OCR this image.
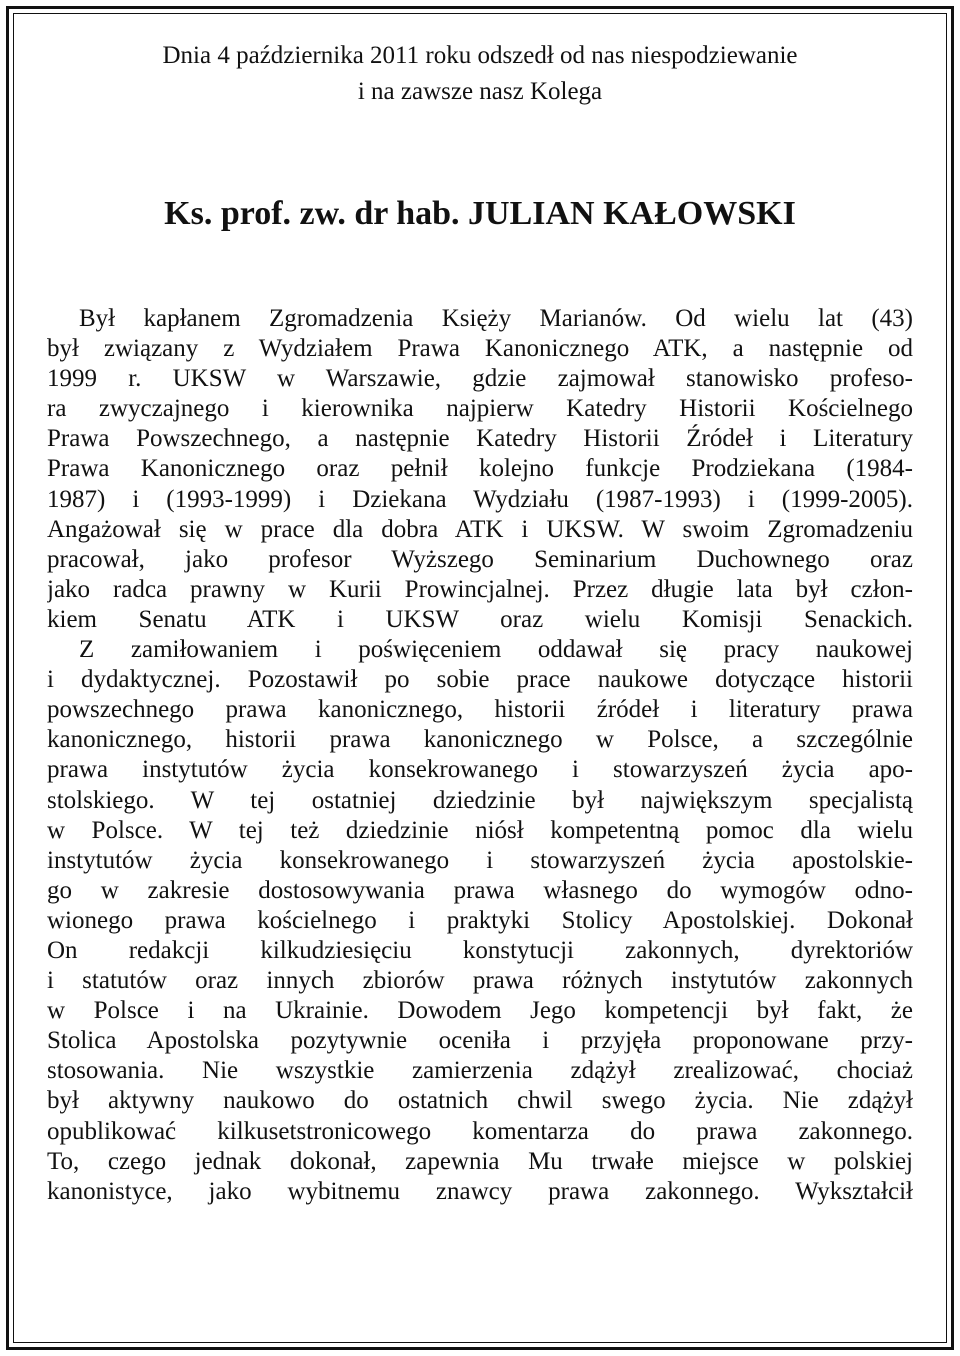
Dnia 4 października 2011 roku odszedł od nas niespodziewanie
i na zawsze nasz Kolega

Ks. prof. zw. dr hab. JULIAN KAŁOWSKI
Był kapłanem Zgromadzenia Księży Marianów. Od wielu lat (43)
był związany z Wydziałem Prawa Kanonicznego ATK, a następnie od
1999 r. UKSW w Warszawie, gdzie zajmował stanowisko profeso-
ra zwyczajnego i kierownika najpierw Katedry Historii Kościelnego
Prawa Powszechnego, a następnie Katedry Historii Źródeł i Literatury
Prawa Kanonicznego oraz pełnił kolejno funkcje Prodziekana (1984-
1987) i (1993-1999) i Dziekana Wydziału (1987-1993) i (1999-2005).
Angażował się w prace dla dobra ATK i UKSW. W swoim Zgromadzeniu
pracował, jako profesor Wyższego Seminarium Duchownego oraz
jako radca prawny w Kurii Prowincjalnej. Przez długie lata był człon-
kiem Senatu ATK i UKSW oraz wielu Komisji Senackich.
Z zamiłowaniem i poświęceniem oddawał się pracy naukowej
i dydaktycznej. Pozostawił po sobie prace naukowe dotyczące historii
powszechnego prawa kanonicznego, historii źródeł i literatury prawa
kanonicznego, historii prawa kanonicznego w Polsce, a szczególnie
prawa instytutów życia konsekrowanego i stowarzyszeń życia apo-
stolskiego. W tej ostatniej dziedzinie był największym specjalistą
w Polsce. W tej też dziedzinie niósł kompetentną pomoc dla wielu
instytutów życia konsekrowanego i stowarzyszeń życia apostolskie-
go w zakresie dostosowywania prawa własnego do wymogów odno-
wionego prawa kościelnego i praktyki Stolicy Apostolskiej. Dokonał
On redakcji kilkudziesięciu konstytucji zakonnych, dyrektoriów
i statutów oraz innych zbiorów prawa różnych instytutów zakonnych
w Polsce i na Ukrainie. Dowodem Jego kompetencji był fakt, że
Stolica Apostolska pozytywnie oceniła i przyjęła proponowane przy-
stosowania. Nie wszystkie zamierzenia zdążył zrealizować, chociaż
był aktywny naukowo do ostatnich chwil swego życia. Nie zdążył
opublikować kilkusetstronicowego komentarza do prawa zakonnego.
To, czego jednak dokonał, zapewnia Mu trwałe miejsce w polskiej
kanonistyce, jako wybitnemu znawcy prawa zakonnego. Wykształcił
